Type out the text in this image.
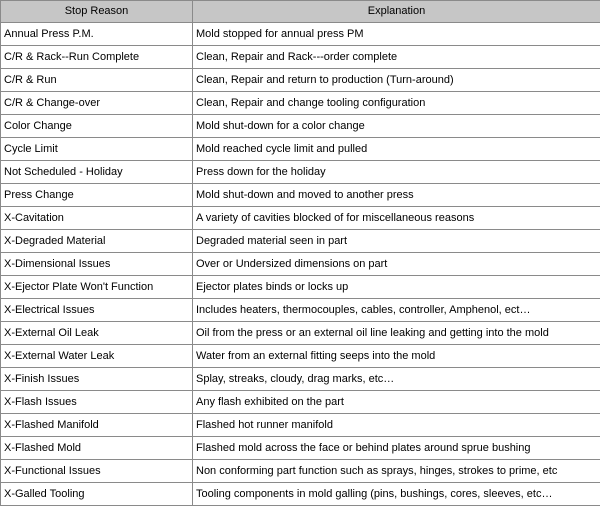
Stop Reason	Explanation
Annual Press P.M.	Mold stopped for annual press PM
C/R & Rack--Run Complete	Clean, Repair and Rack---order complete
C/R & Run	Clean, Repair and return to production (Turn-around)
C/R & Change-over	Clean, Repair and change tooling configuration
Color Change	Mold shut-down for a color change
Cycle Limit	Mold reached cycle limit and pulled
Not Scheduled - Holiday	Press down for the holiday
Press Change	Mold shut-down and moved to another press
X-Cavitation	A variety of cavities blocked of for miscellaneous reasons
X-Degraded Material	Degraded material seen in part
X-Dimensional Issues	Over or Undersized dimensions on part
X-Ejector Plate Won't Function	Ejector plates binds or locks up
X-Electrical Issues	Includes heaters, thermocouples, cables, controller, Amphenol, ect…
X-External Oil Leak	Oil from the press or an external oil line leaking and getting into the mold
X-External Water Leak	Water from an external fitting seeps into the mold
X-Finish Issues	Splay, streaks, cloudy, drag marks, etc…
X-Flash Issues	Any flash exhibited on the part
X-Flashed Manifold	Flashed hot runner manifold
X-Flashed Mold	Flashed mold across the face or behind plates around sprue bushing
X-Functional Issues	Non conforming part function such as sprays, hinges, strokes to prime, etc
X-Galled Tooling	Tooling components in mold galling (pins, bushings, cores, sleeves, etc…
